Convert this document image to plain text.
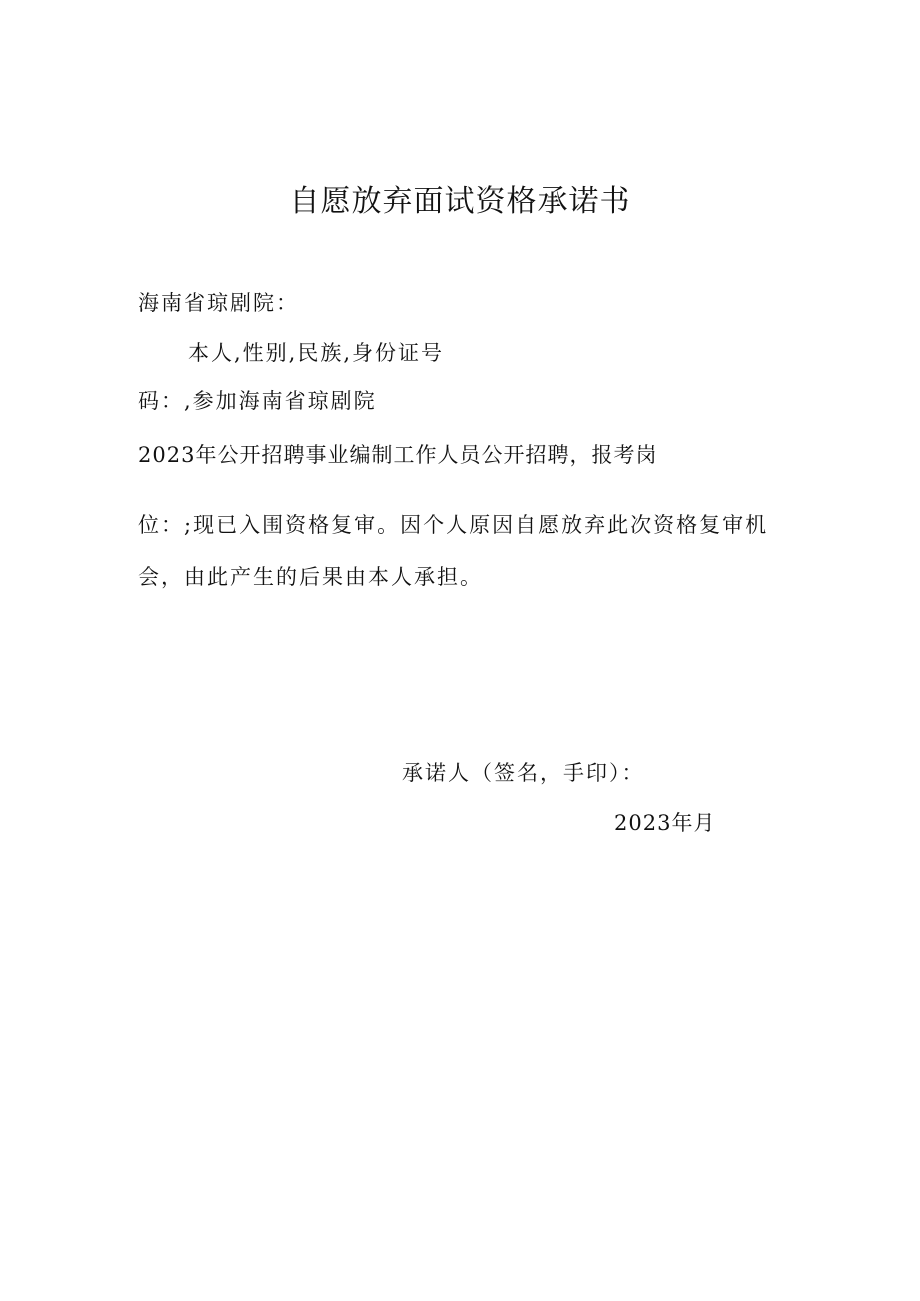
自愿放弃面试资格承诺书
海南省琼剧院：
本人,性别,民族,身份证号
码：,参加海南省琼剧院
2023年公开招聘事业编制工作人员公开招聘，报考岗
位：;现已入围资格复审。因个人原因自愿放弃此次资格复审机
会，由此产生的后果由本人承担。
承诺人（签名，手印）：
2023年月
